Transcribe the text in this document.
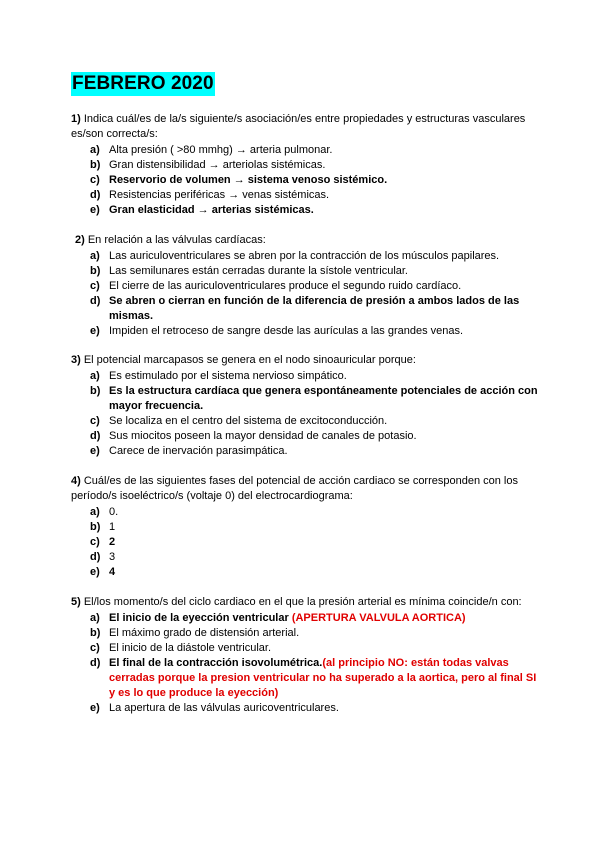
FEBRERO 2020

1) Indica cuál/es de la/s siguiente/s asociación/es entre propiedades y estructuras vasculares es/son correcta/s:

a) Alta presión ( >80 mmhg) → arteria pulmonar.
b) Gran distensibilidad → arteriolas sistémicas.
c) Reservorio de volumen → sistema venoso sistémico.
d) Resistencias periféricas → venas sistémicas.
e) Gran elasticidad → arterias sistémicas.

2) En relación a las válvulas cardíacas:

a) Las auriculoventriculares se abren por la contracción de los músculos papilares.
b) Las semilunares están cerradas durante la sístole ventricular.
c) El cierre de las auriculoventriculares produce el segundo ruido cardíaco.
d) Se abren o cierran en función de la diferencia de presión a ambos lados de las mismas.
e) Impiden el retroceso de sangre desde las aurículas a las grandes venas.

3) El potencial marcapasos se genera en el nodo sinoauricular porque:

a) Es estimulado por el sistema nervioso simpático.
b) Es la estructura cardíaca que genera espontáneamente potenciales de acción con mayor frecuencia.
c) Se localiza en el centro del sistema de excitoconducción.
d) Sus miocitos poseen la mayor densidad de canales de potasio.
e) Carece de inervación parasimpática.

4) Cuál/es de las siguientes fases del potencial de acción cardiaco se corresponden con los período/s isoeléctrico/s (voltaje 0) del electrocardiograma:

a) 0.
b) 1
c) 2
d) 3
e) 4

5) El/los momento/s del ciclo cardiaco en el que la presión arterial es mínima coincide/n con:

a) El inicio de la eyección ventricular (APERTURA VALVULA AORTICA)
b) El máximo grado de distensión arterial.
c) El inicio de la diástole ventricular.
d) El final de la contracción isovolumétrica.(al principio NO: están todas valvas cerradas porque la presion ventricular no ha superado a la aortica, pero al final SI y es lo que produce la eyección)
e) La apertura de las válvulas auricoventriculares.
